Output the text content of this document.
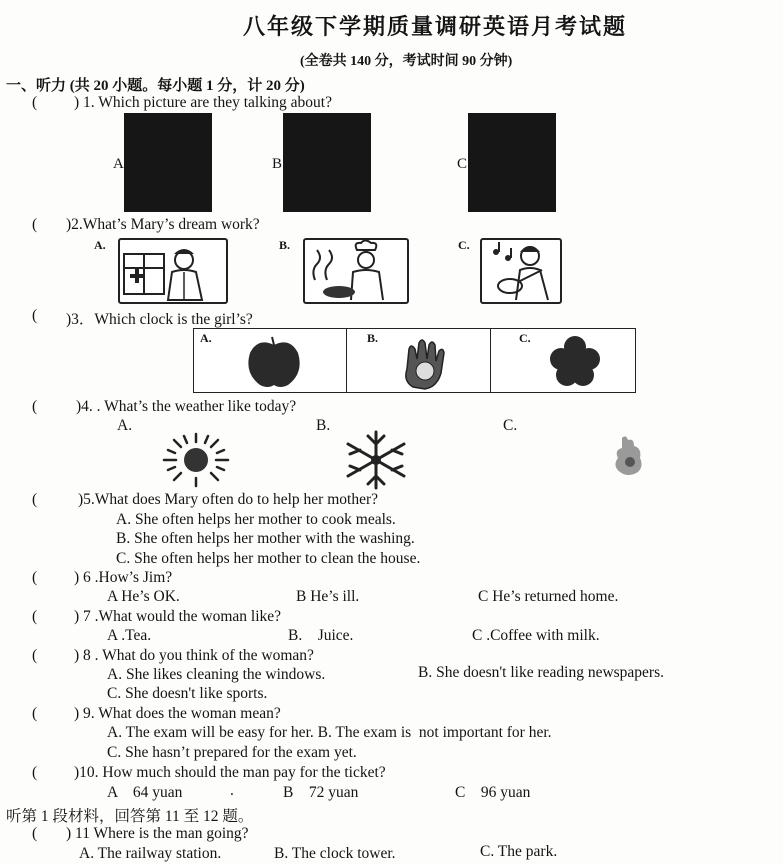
八年级下学期质量调研英语月考试题
(全卷共 140 分，考试时间 90 分钟)
一、听力 (共 20 小题。每小题 1 分，计 20 分)
( ) 1. Which picture are they talking about?
A	B	C
( )2.What’s Mary’s dream work?
A.	B.	C.
( )3．Which clock is the girl’s?
A.	B.	C.
(	)4. . What’s the weather like today?
A.	B.	C.
(	)5.What does Mary often do to help her mother?
A. She often helps her mother to cook meals.
B. She often helps her mother with the washing.
C. She often helps her mother to clean the house.
( ) 6 .How’s Jim?
A He’s OK.	B He’s ill.	C He’s returned home.
( ) 7 .What would the woman like?
A .Tea.	B.    Juice.	C .Coffee with milk.
( ) 8 . What do you think of the woman?
A. She likes cleaning the windows.	B. She doesn't like reading newspapers.
C. She doesn't like sports.
( ) 9. What does the woman mean?
A. The exam will be easy for her. B. The exam is  not important for her.
C. She hasn’t prepared for the exam yet.
( )10. How much should the man pay for the ticket?
A    64 yuan	.	B    72 yuan	C    96 yuan
听第 1 段材料，回答第 11 至 12 题。
( ) 11 Where is the man going?
A. The railway station.	B. The clock tower.	C. The park.
